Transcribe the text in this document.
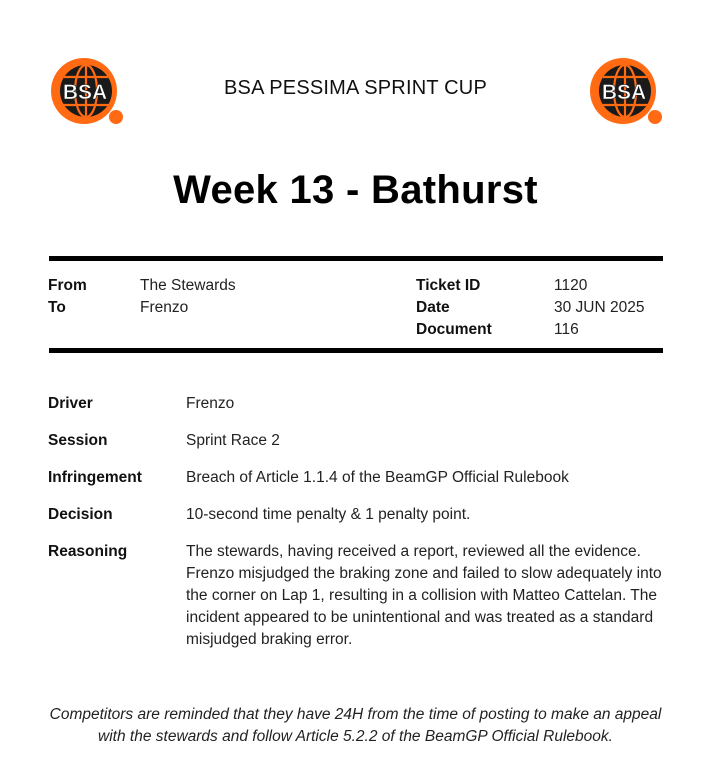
BSA	BSA PESSIMA SPRINT CUP	BSA
Week 13 - Bathurst
From	The Stewards
To	Frenzo
Ticket ID	1120
Date	30 JUN 2025
Document	116
Driver	Frenzo
Session	Sprint Race 2
Infringement	Breach of Article 1.1.4 of the BeamGP Official Rulebook
Decision	10-second time penalty & 1 penalty point.
Reasoning	The stewards, having received a report, reviewed all the evidence. Frenzo misjudged the braking zone and failed to slow adequately into the corner on Lap 1, resulting in a collision with Matteo Cattelan. The incident appeared to be unintentional and was treated as a standard misjudged braking error.
Competitors are reminded that they have 24H from the time of posting to make an appeal with the stewards and follow Article 5.2.2 of the BeamGP Official Rulebook.
